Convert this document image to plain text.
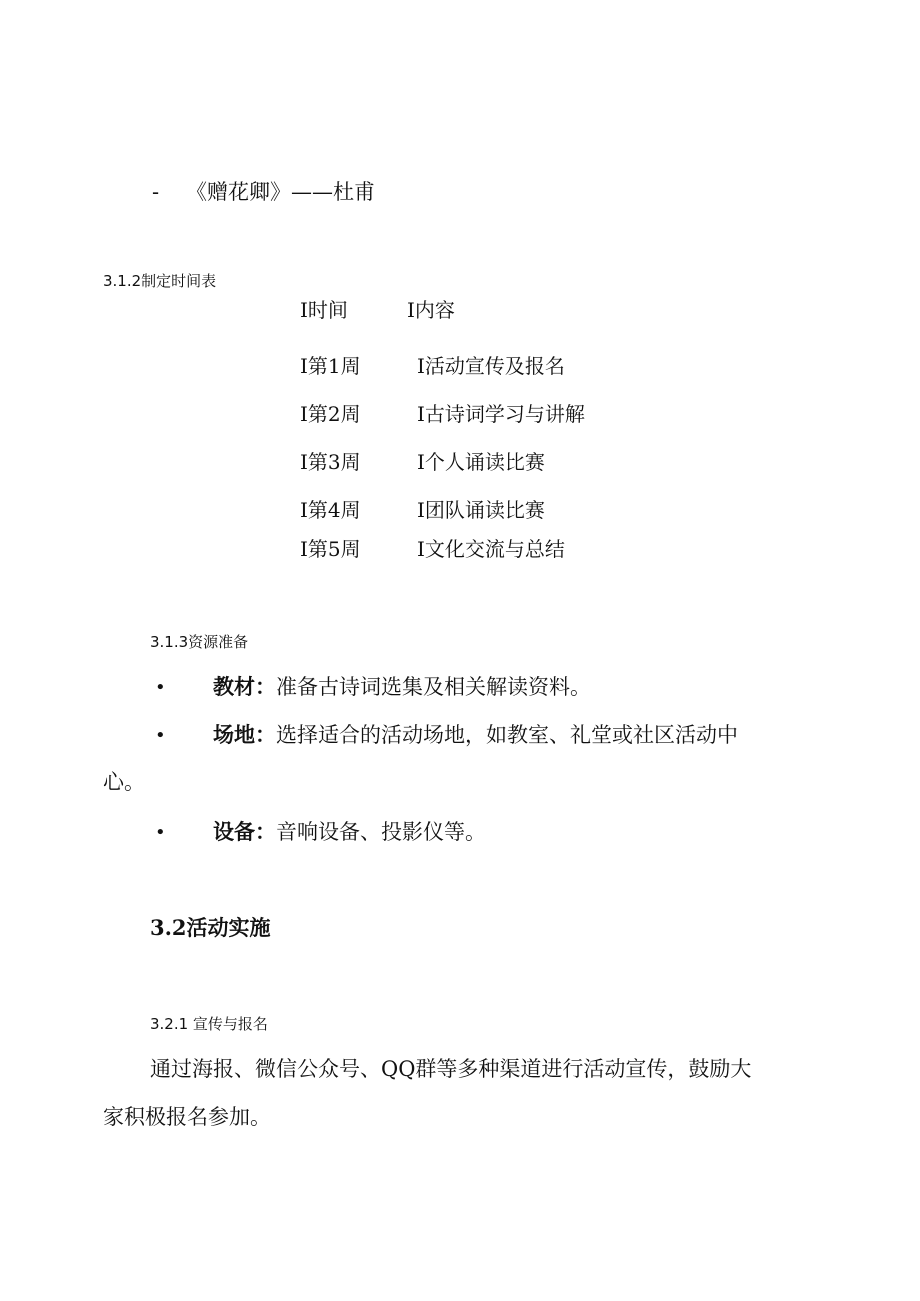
- 《赠花卿》——杜甫
3.1.2制定时间表
I时间	I内容
I第1周	I活动宣传及报名
I第2周	I古诗词学习与讲解
I第3周	I个人诵读比赛
I第4周	I团队诵读比赛
I第5周	I文化交流与总结
3.1.3资源准备
• 教材：准备古诗词选集及相关解读资料。
• 场地：选择适合的活动场地，如教室、礼堂或社区活动中
心。
• 设备：音响设备、投影仪等。
3.2活动实施
3.2.1 宣传与报名
通过海报、微信公众号、QQ群等多种渠道进行活动宣传，鼓励大
家积极报名参加。
